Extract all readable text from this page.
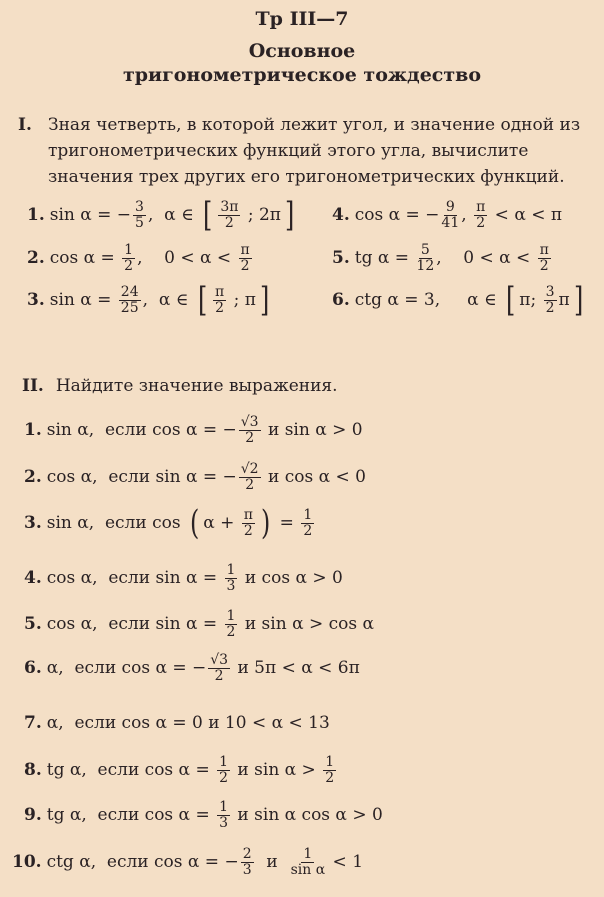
Тр III—7
Основное
тригонометрическое тождество
I. Зная четверть, в которой лежит угол, и значение одной из тригонометрических функций этого угла, вычислите значения трех других его тригонометрических функций.
II. Найдите значение выражения.
1. sin α = − $\frac{3}{5}$ ,  α ∈ [ $\frac{3\pi}{2}$ ; 2π ]
2. $\cos \alpha = \frac{1}{2}$ ,    $0 < \alpha < \frac{\pi}{2}$
3. $\sin \alpha = \frac{24}{25}$ ,  α ∈ [ $\frac{\pi}{2}$ ; π ]
4. cos α = − $\frac{9}{41}$ , $\frac{\pi}{2} < \alpha < \pi$
5. tg $\alpha = \frac{5}{12}$ ,    $0 < \alpha < \frac{\pi}{2}$
6. ctg α = 3,     α ∈ [ π; $\frac{3}{2}$ π ]
1. sin α,  если cos α = − $\frac{√3}{2}$ и sin α > 0
2. cos α,  если sin α = − $\frac{√2}{2}$ и cos α < 0
3. sin α,  если cos ( $\alpha + \frac{\pi}{2}$ ) = $\frac{1}{2}$
4. cos α,  если $\sin \alpha = \frac{1}{3}$ и cos α > 0
5. cos α,  если $\sin \alpha = \frac{1}{2}$ и sin α > cos α
6. α,  если cos α = − $\frac{√3}{2}$ и 5π < α < 6π
7. α,  если cos α = 0 и 10 < α < 13
8. tg α,  если $\cos \alpha = \frac{1}{2}$ и $\sin \alpha > \frac{1}{2}$
9. tg α,  если $\cos \alpha = \frac{1}{3}$ и sin α cos α > 0
10. ctg α,  если cos α = − $\frac{2}{3}$ и $\frac{1}{\text{sin α}} < 1$
